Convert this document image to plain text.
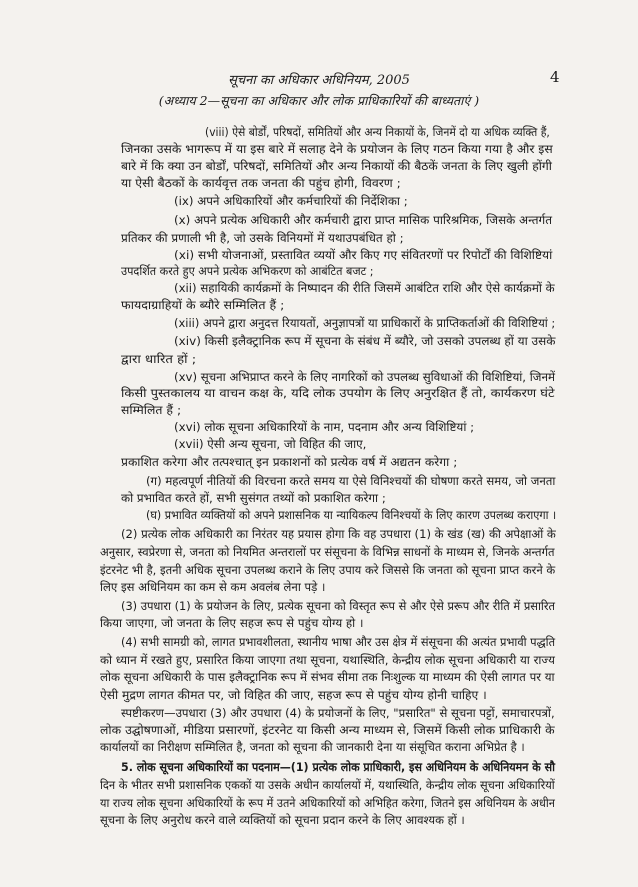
सूचना का अधिकार अधिनियम, 2005
(अध्याय 2—सूचना का अधिकार और लोक प्राधिकारियों की बाध्यताएं )
4
(viii) ऐसे बोर्डों, परिषदों, समितियों और अन्य निकायों के, जिनमें दो या अधिक व्यक्ति हैं,
जिनका उसके भागरूप में या इस बारे में सलाह देने के प्रयोजन के लिए गठन किया गया है और इस
बारे में कि क्या उन बोर्डों, परिषदों, समितियों और अन्य निकायों की बैठकें जनता के लिए खुली होंगी
या ऐसी बैठकों के कार्यवृत्त तक जनता की पहुंच होगी, विवरण ;
(ix) अपने अधिकारियों और कर्मचारियों की निर्देशिका ;
(x) अपने प्रत्येक अधिकारी और कर्मचारी द्वारा प्राप्त मासिक पारिश्रमिक, जिसके अन्तर्गत
प्रतिकर की प्रणाली भी है, जो उसके विनियमों में यथाउपबंधित हो ;
(xi) सभी योजनाओं, प्रस्तावित व्ययों और किए गए संवितरणों पर रिपोर्टों की विशिष्टियां
उपदर्शित करते हुए अपने प्रत्येक अभिकरण को आबंटित बजट ;
(xii) सहायिकी कार्यक्रमों के निष्पादन की रीति जिसमें आबंटित राशि और ऐसे कार्यक्रमों के
फायदाग्राहियों के ब्यौरे सम्मिलित हैं ;
(xiii) अपने द्वारा अनुदत्त रियायतों, अनुज्ञापत्रों या प्राधिकारों के प्राप्तिकर्ताओं की विशिष्टियां ;
(xiv) किसी इलैक्ट्रानिक रूप में सूचना के संबंध में ब्यौरे, जो उसको उपलब्ध हों या उसके
द्वारा धारित हों ;
(xv) सूचना अभिप्राप्त करने के लिए नागरिकों को उपलब्ध सुविधाओं की विशिष्टियां, जिनमें
किसी पुस्तकालय या वाचन कक्ष के, यदि लोक उपयोग के लिए अनुरक्षित हैं तो, कार्यकरण घंटे
सम्मिलित हैं ;
(xvi) लोक सूचना अधिकारियों के नाम, पदनाम और अन्य विशिष्टियां ;
(xvii) ऐसी अन्य सूचना, जो विहित की जाए,
प्रकाशित करेगा और तत्पश्चात् इन प्रकाशनों को प्रत्येक वर्ष में अद्यतन करेगा ;
(ग) महत्वपूर्ण नीतियों की विरचना करते समय या ऐसे विनिश्चयों की घोषणा करते समय, जो जनता
को प्रभावित करते हों, सभी सुसंगत तथ्यों को प्रकाशित करेगा ;
(घ) प्रभावित व्यक्तियों को अपने प्रशासनिक या न्यायिकल्प विनिश्चयों के लिए कारण उपलब्ध कराएगा ।
(2) प्रत्येक लोक अधिकारी का निरंतर यह प्रयास होगा कि वह उपधारा (1) के खंड (ख) की अपेक्षाओं के
अनुसार, स्वप्रेरणा से, जनता को नियमित अन्तरालों पर संसूचना के विभिन्न साधनों के माध्यम से, जिनके अन्तर्गत
इंटरनेट भी है, इतनी अधिक सूचना उपलब्ध कराने के लिए उपाय करे जिससे कि जनता को सूचना प्राप्त करने के
लिए इस अधिनियम का कम से कम अवलंब लेना पड़े ।
(3) उपधारा (1) के प्रयोजन के लिए, प्रत्येक सूचना को विस्तृत रूप से और ऐसे प्ररूप और रीति में प्रसारित
किया जाएगा, जो जनता के लिए सहज रूप से पहुंच योग्य हो ।
(4) सभी सामग्री को, लागत प्रभावशीलता, स्थानीय भाषा और उस क्षेत्र में संसूचना की अत्यंत प्रभावी पद्धति
को ध्यान में रखते हुए, प्रसारित किया जाएगा तथा सूचना, यथास्थिति, केन्द्रीय लोक सूचना अधिकारी या राज्य
लोक सूचना अधिकारी के पास इलैक्ट्रानिक रूप में संभव सीमा तक निःशुल्क या माध्यम की ऐसी लागत पर या
ऐसी मुद्रण लागत कीमत पर, जो विहित की जाए, सहज रूप से पहुंच योग्य होनी चाहिए ।
स्पष्टीकरण—उपधारा (3) और उपधारा (4) के प्रयोजनों के लिए, "प्रसारित" से सूचना पट्टों, समाचारपत्रों,
लोक उद्घोषणाओं, मीडिया प्रसारणों, इंटरनेट या किसी अन्य माध्यम से, जिसमें किसी लोक प्राधिकारी के
कार्यालयों का निरीक्षण सम्मिलित है, जनता को सूचना की जानकारी देना या संसूचित कराना अभिप्रेत है ।
5. लोक सूचना अधिकारियों का पदनाम—(1) प्रत्येक लोक प्राधिकारी, इस अधिनियम के अधिनियमन के सौ
दिन के भीतर सभी प्रशासनिक एककों या उसके अधीन कार्यालयों में, यथास्थिति, केन्द्रीय लोक सूचना अधिकारियों
या राज्य लोक सूचना अधिकारियों के रूप में उतने अधिकारियों को अभिहित करेगा, जितने इस अधिनियम के अधीन
सूचना के लिए अनुरोध करने वाले व्यक्तियों को सूचना प्रदान करने के लिए आवश्यक हों ।
